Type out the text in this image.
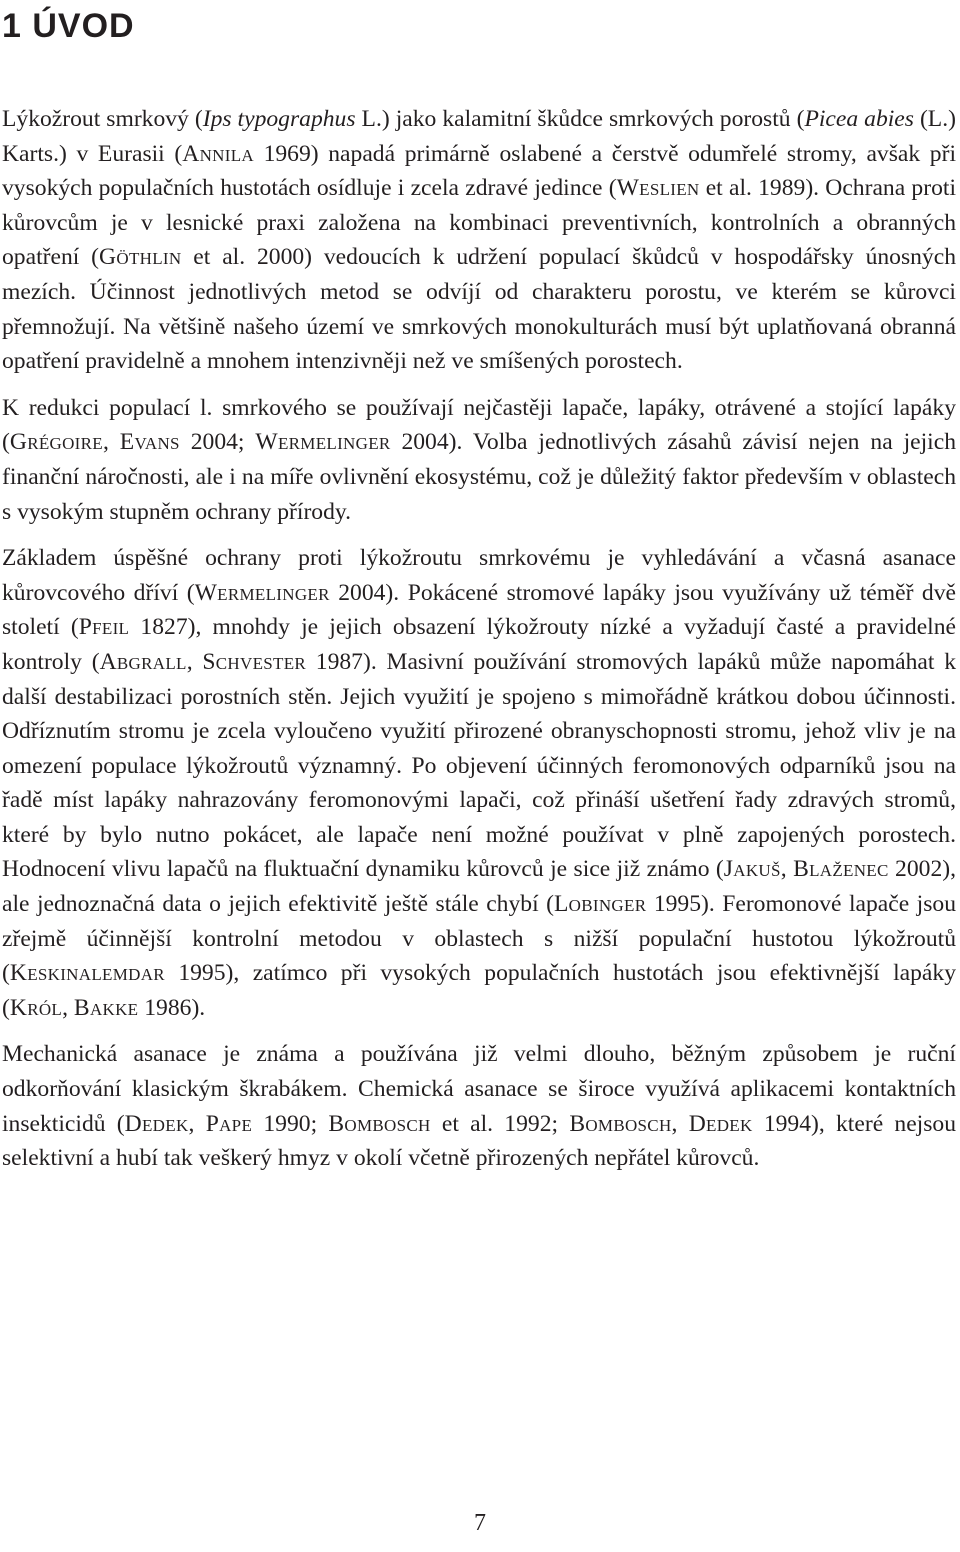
1 ÚVOD

Lýkožrout smrkový (Ips typographus L.) jako kalamitní škůdce smrkových porostů (Picea abies (L.) Karts.) v Eurasii (Annila 1969) napadá primárně oslabené a čerstvě odumřelé stromy, avšak při vysokých populačních hustotách osídluje i zcela zdravé jedince (Weslien et al. 1989). Ochrana proti kůrovcům je v lesnické praxi založena na kombinaci preventivních, kontrolních a obranných opatření (Göthlin et al. 2000) vedoucích k udržení populací škůdců v hospodářsky únosných mezích. Účinnost jednotlivých metod se odvíjí od charakteru porostu, ve kterém se kůrovci přemnožují. Na většině našeho území ve smrkových monokulturách musí být uplatňovaná obranná opatření pravidelně a mnohem intenzivněji než ve smíšených porostech.

K redukci populací l. smrkového se používají nejčastěji lapače, lapáky, otrávené a stojící lapáky (Grégoire, Evans 2004; Wermelinger 2004). Volba jednotlivých zásahů závisí nejen na jejich finanční náročnosti, ale i na míře ovlivnění ekosystému, což je důležitý faktor především v oblastech s vysokým stupněm ochrany přírody.

Základem úspěšné ochrany proti lýkožroutu smrkovému je vyhledávání a včasná asanace kůrovcového dříví (Wermelinger 2004). Pokácené stromové lapáky jsou využívány už téměř dvě století (Pfeil 1827), mnohdy je jejich obsazení lýkožrouty nízké a vyžadují časté a pravidelné kontroly (Abgrall, Schvester 1987). Masivní používání stromových lapáků může napomáhat k další destabilizaci porostních stěn. Jejich využití je spojeno s mimořádně krátkou dobou účinnosti. Odříznutím stromu je zcela vyloučeno využití přirozené obranyschopnosti stromu, jehož vliv je na omezení populace lýkožroutů významný. Po objevení účinných feromonových odparníků jsou na řadě míst lapáky nahrazovány feromonovými lapači, což přináší ušetření řady zdravých stromů, které by bylo nutno pokácet, ale lapače není možné používat v plně zapojených porostech. Hodnocení vlivu lapačů na fluktuační dynamiku kůrovců je sice již známo (Jakuš, Blaženec 2002), ale jednoznačná data o jejich efektivitě ještě stále chybí (Lobinger 1995). Feromonové lapače jsou zřejmě účinnější kontrolní metodou v oblastech s nižší populační hustotou lýkožroutů (Keskinalemdar 1995), zatímco při vysokých populačních hustotách jsou efektivnější lapáky (Król, Bakke 1986).

Mechanická asanace je známa a používána již velmi dlouho, běžným způsobem je ruční odkorňování klasickým škrabákem. Chemická asanace se široce využívá aplikacemi kontaktních insekticidů (Dedek, Pape 1990; Bombosch et al. 1992; Bombosch, Dedek 1994), které nejsou selektivní a hubí tak veškerý hmyz v okolí včetně přirozených nepřátel kůrovců.

7
